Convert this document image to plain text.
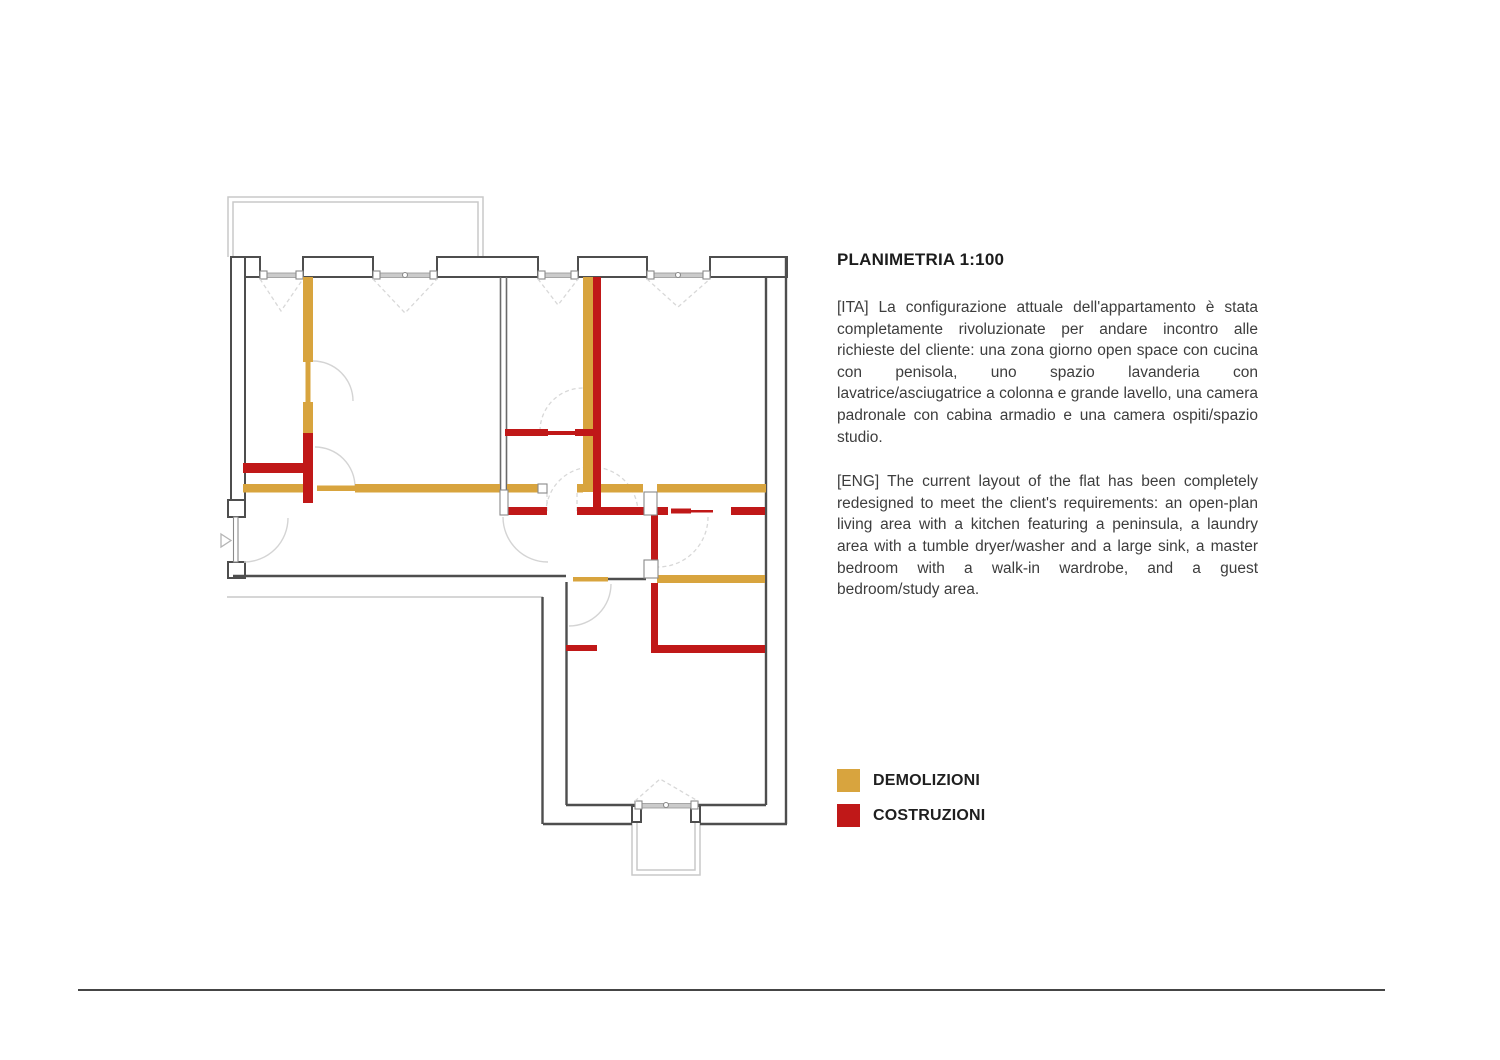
PLANIMETRIA 1:100

[ITA] La configurazione attuale dell'appartamento è stata completamente rivoluzionate per andare incontro alle richieste del cliente: una zona giorno open space con cucina con penisola, uno spazio lavanderia con lavatrice/asciugatrice a colonna e grande lavello, una camera padronale con cabina armadio e una camera ospiti/spazio studio.

[ENG] The current layout of the flat has been completely redesigned to meet the client's requirements: an open-plan living area with a kitchen featuring a peninsula, a laundry area with a tumble dryer/washer and a large sink, a master bedroom with a walk-in wardrobe, and a guest bedroom/study area.

DEMOLIZIONI
COSTRUZIONI
